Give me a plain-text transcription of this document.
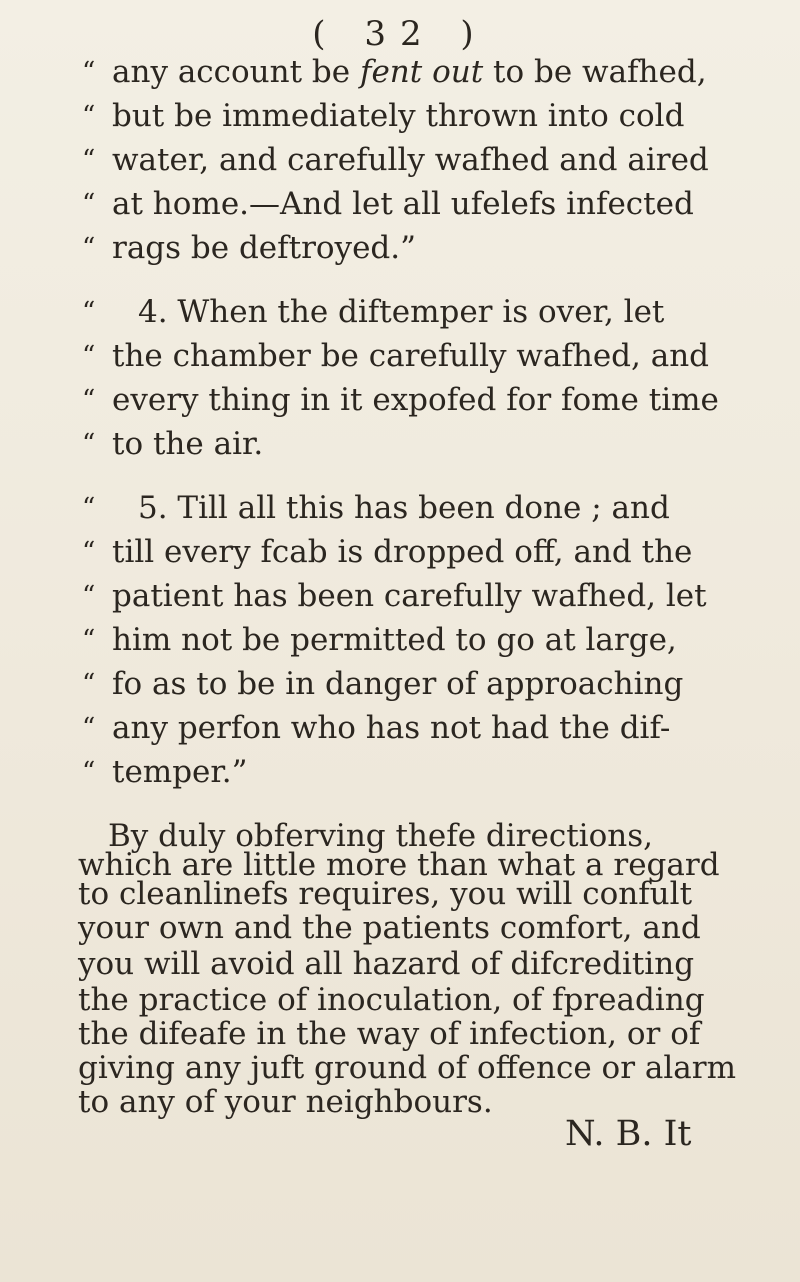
( 32 )
“ any account be fent out to be wafhed,
“ but be immediately thrown into cold
“ water, and carefully wafhed and aired
“ at home.—And let all ufelefs infected
“ rags be deftroyed.”
“	4. When the diftemper is over, let
“ the chamber be carefully wafhed, and
“ every thing in it expofed for fome time
“ to the air.
“	5. Till all this has been done ; and
“ till every fcab is dropped off, and the
“ patient has been carefully wafhed, let
“ him not be permitted to go at large,
“ fo as to be in danger of approaching
“ any perfon who has not had the dif-
“ temper.”
By duly obferving thefe directions,
which are little more than what a regard
to cleanlinefs requires, you will confult
your own and the patients comfort, and
you will avoid all hazard of difcrediting
the practice of inoculation, of fpreading
the difeafe in the way of infection, or of
giving any juft ground of offence or alarm
to any of your neighbours.
N. B. It
